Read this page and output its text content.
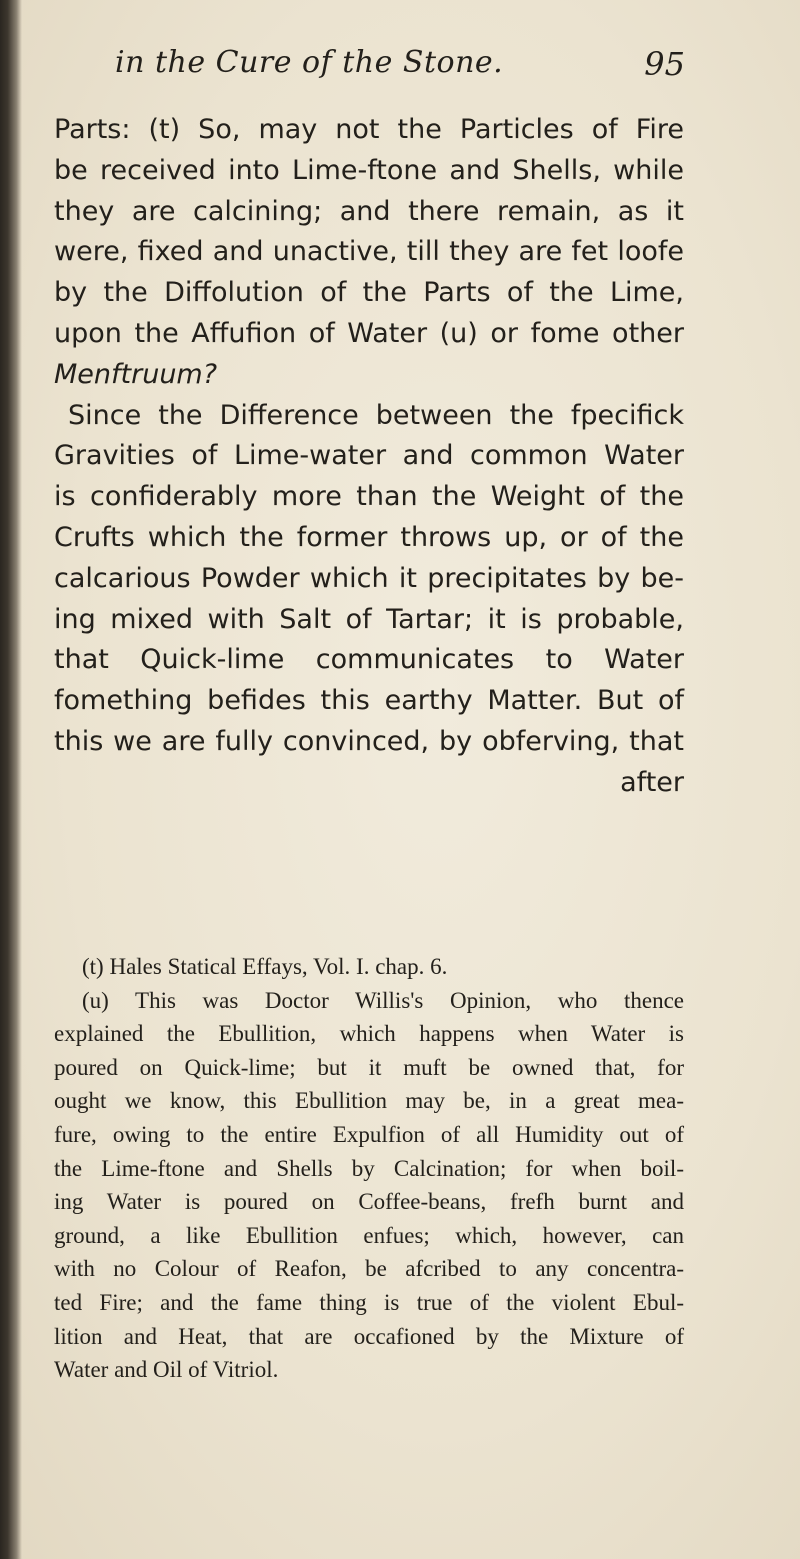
in the Cure of the Stone.	95
Parts: (t) So, may not the Particles of Fire
be received into Lime-ftone and Shells, while
they are calcining; and there remain, as it
were, fixed and unactive, till they are fet loofe
by the Diffolution of the Parts of the Lime,
upon the Affufion of Water (u) or fome other
Menftruum?
Since the Difference between the fpecifick
Gravities of Lime-water and common Water
is confiderably more than the Weight of the
Crufts which the former throws up, or of the
calcarious Powder which it precipitates by be-
ing mixed with Salt of Tartar; it is probable,
that Quick-lime communicates to Water
fomething befides this earthy Matter. But of
this we are fully convinced, by obferving, that
after
(t) Hales Statical Effays, Vol. I. chap. 6.
(u) This was Doctor Willis's Opinion, who thence
explained the Ebullition, which happens when Water is
poured on Quick-lime; but it muft be owned that, for
ought we know, this Ebullition may be, in a great mea-
fure, owing to the entire Expulfion of all Humidity out of
the Lime-ftone and Shells by Calcination; for when boil-
ing Water is poured on Coffee-beans, frefh burnt and
ground, a like Ebullition enfues; which, however, can
with no Colour of Reafon, be afcribed to any concentra-
ted Fire; and the fame thing is true of the violent Ebul-
lition and Heat, that are occafioned by the Mixture of
Water and Oil of Vitriol.
